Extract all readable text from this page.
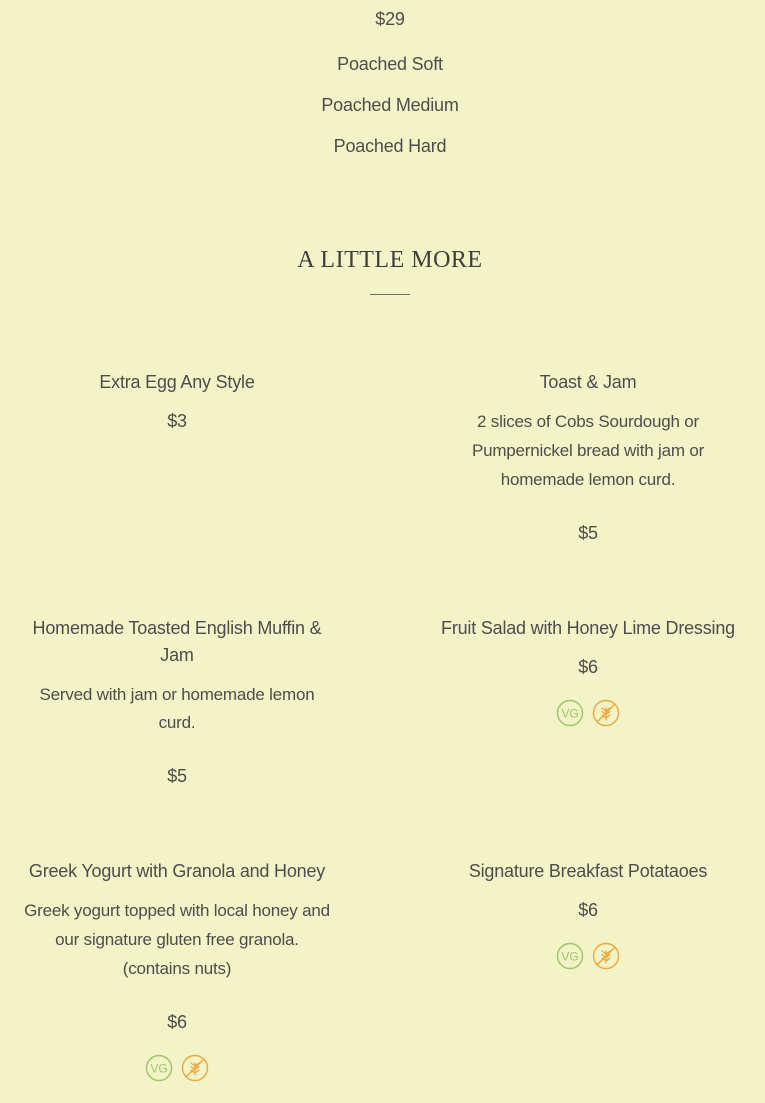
$29
Poached Soft
Poached Medium
Poached Hard
A LITTLE MORE
Extra Egg Any Style
$3
Toast & Jam
2 slices of Cobs Sourdough or
Pumpernickel bread with jam or
homemade lemon curd.
$5
Homemade Toasted English Muffin &
Jam
Served with jam or homemade lemon
curd.
$5
Fruit Salad with Honey Lime Dressing
$6
VG
Greek Yogurt with Granola and Honey
Greek yogurt topped with local honey and
our signature gluten free granola.
(contains nuts)
$6
VG
Signature Breakfast Potataoes
$6
VG
